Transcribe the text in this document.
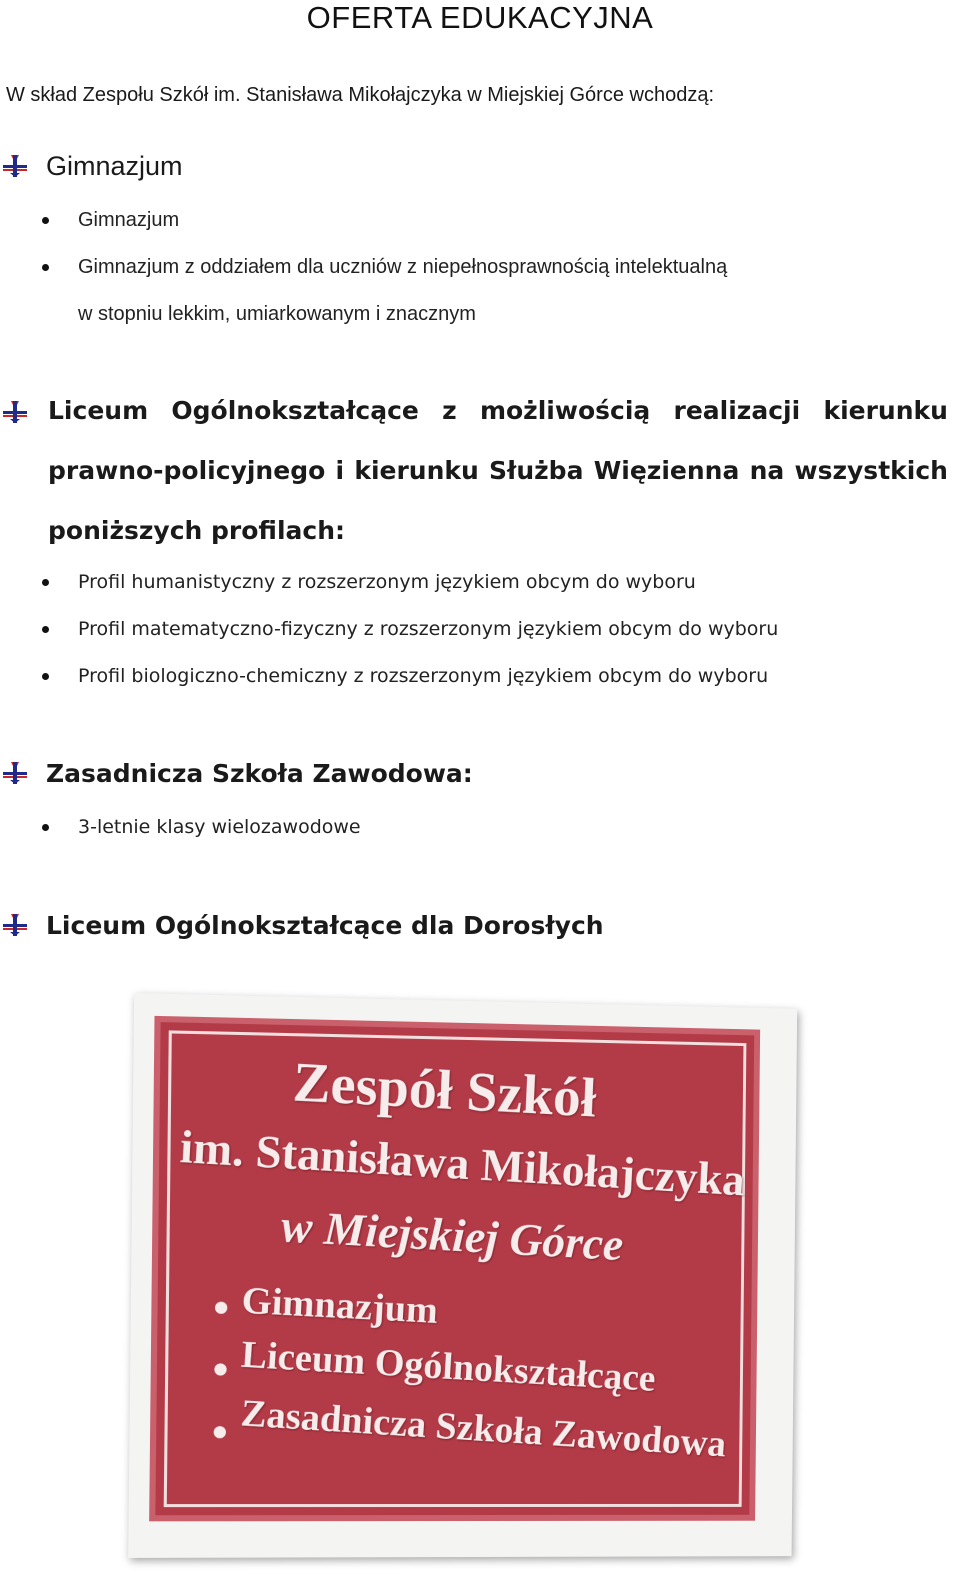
OFERTA EDUKACYJNA
W skład Zespołu Szkół im. Stanisława Mikołajczyka w Miejskiej Górce wchodzą:
Gimnazjum
Gimnazjum
Gimnazjum z oddziałem dla uczniów z niepełnosprawnością intelektualną
w stopniu lekkim, umiarkowanym i znacznym
Liceum Ogólnokształcące z możliwością realizacji kierunku
prawno-policyjnego i kierunku Służba Więzienna na wszystkich
poniższych profilach:
Profil humanistyczny z rozszerzonym językiem obcym do wyboru
Profil matematyczno-fizyczny z rozszerzonym językiem obcym do wyboru
Profil biologiczno-chemiczny z rozszerzonym językiem obcym do wyboru
Zasadnicza Szkoła Zawodowa:
3-letnie klasy wielozawodowe
Liceum Ogólnokształcące dla Dorosłych
Zespół Szkół
im. Stanisława Mikołajczyka
w Miejskiej Górce
Gimnazjum
Liceum Ogólnokształcące
Zasadnicza Szkoła Zawodowa
